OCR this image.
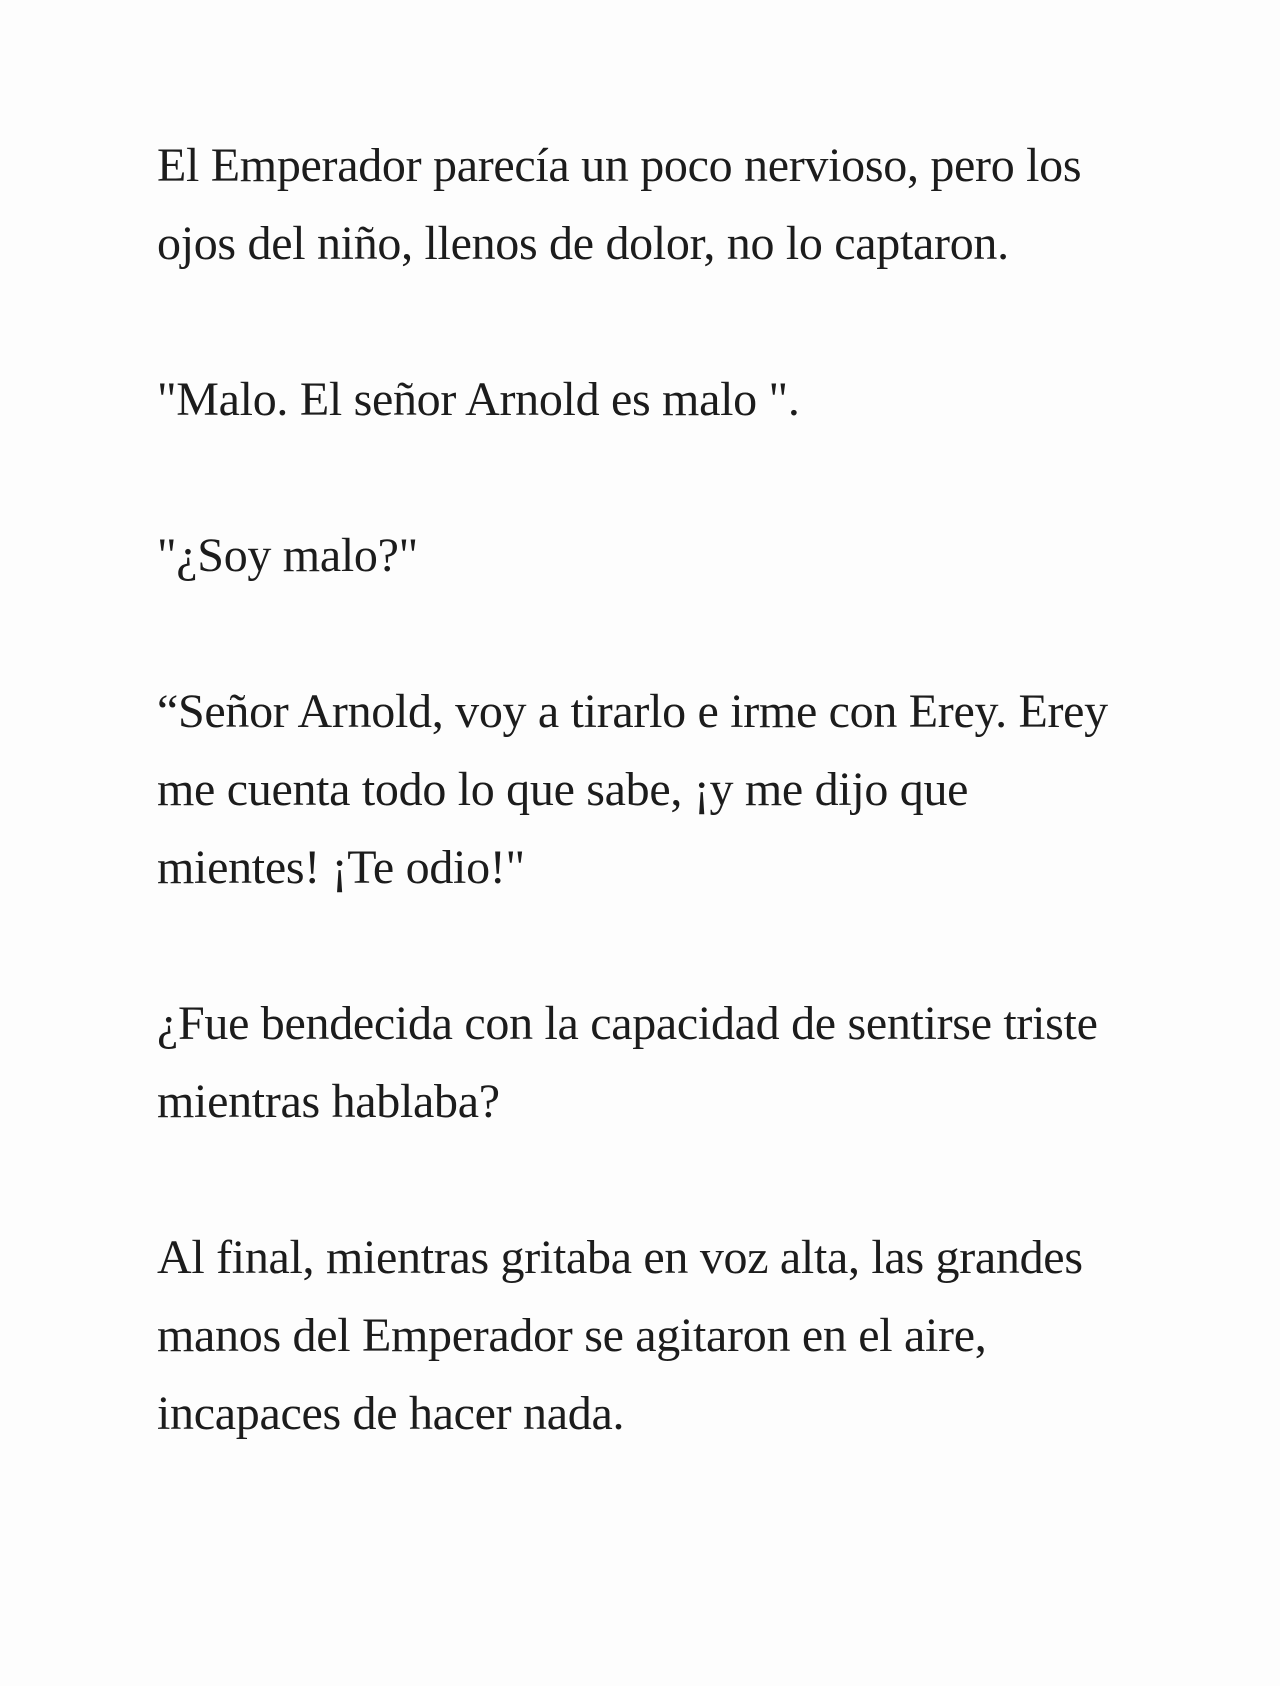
El Emperador parecía un poco nervioso, pero los
ojos del niño, llenos de dolor, no lo captaron.

"Malo. El señor Arnold es malo ".

"¿Soy malo?"

“Señor Arnold, voy a tirarlo e irme con Erey. Erey
me cuenta todo lo que sabe, ¡y me dijo que
mientes! ¡Te odio!"

¿Fue bendecida con la capacidad de sentirse triste
mientras hablaba?

Al final, mientras gritaba en voz alta, las grandes
manos del Emperador se agitaron en el aire,
incapaces de hacer nada.
